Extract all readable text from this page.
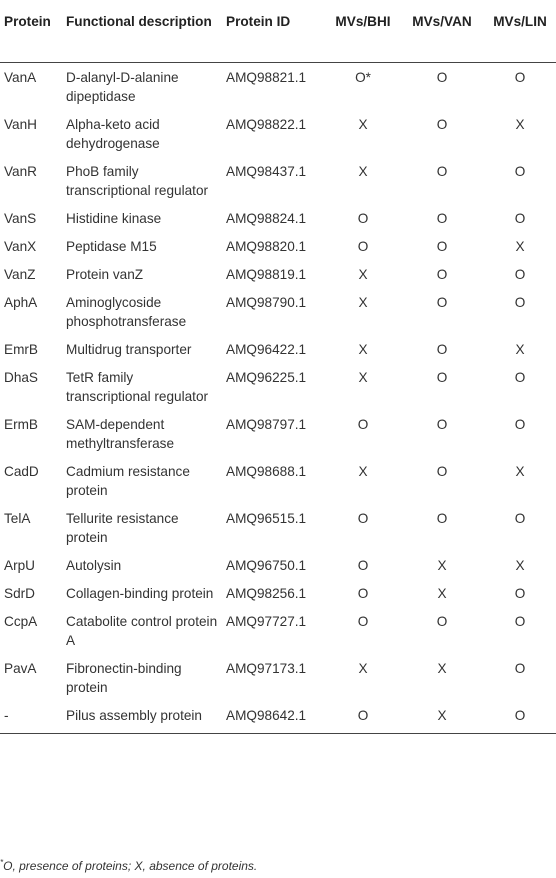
Protein	Functional description	Protein ID	MVs/BHI	MVs/VAN	MVs/LIN
VanA	D-alanyl-D-alanine dipeptidase	AMQ98821.1	O*	O	O
VanH	Alpha-keto acid dehydrogenase	AMQ98822.1	X	O	X
VanR	PhoB family transcriptional regulator	AMQ98437.1	X	O	O
VanS	Histidine kinase	AMQ98824.1	O	O	O
VanX	Peptidase M15	AMQ98820.1	O	O	X
VanZ	Protein vanZ	AMQ98819.1	X	O	O
AphA	Aminoglycoside phosphotransferase	AMQ98790.1	X	O	O
EmrB	Multidrug transporter	AMQ96422.1	X	O	X
DhaS	TetR family transcriptional regulator	AMQ96225.1	X	O	O
ErmB	SAM-dependent methyltransferase	AMQ98797.1	O	O	O
CadD	Cadmium resistance protein	AMQ98688.1	X	O	X
TelA	Tellurite resistance protein	AMQ96515.1	O	O	O
ArpU	Autolysin	AMQ96750.1	O	X	X
SdrD	Collagen-binding protein	AMQ98256.1	O	X	O
CcpA	Catabolite control protein A	AMQ97727.1	O	O	O
PavA	Fibronectin-binding protein	AMQ97173.1	X	X	O
-	Pilus assembly protein	AMQ98642.1	O	X	O
*O, presence of proteins; X, absence of proteins.
